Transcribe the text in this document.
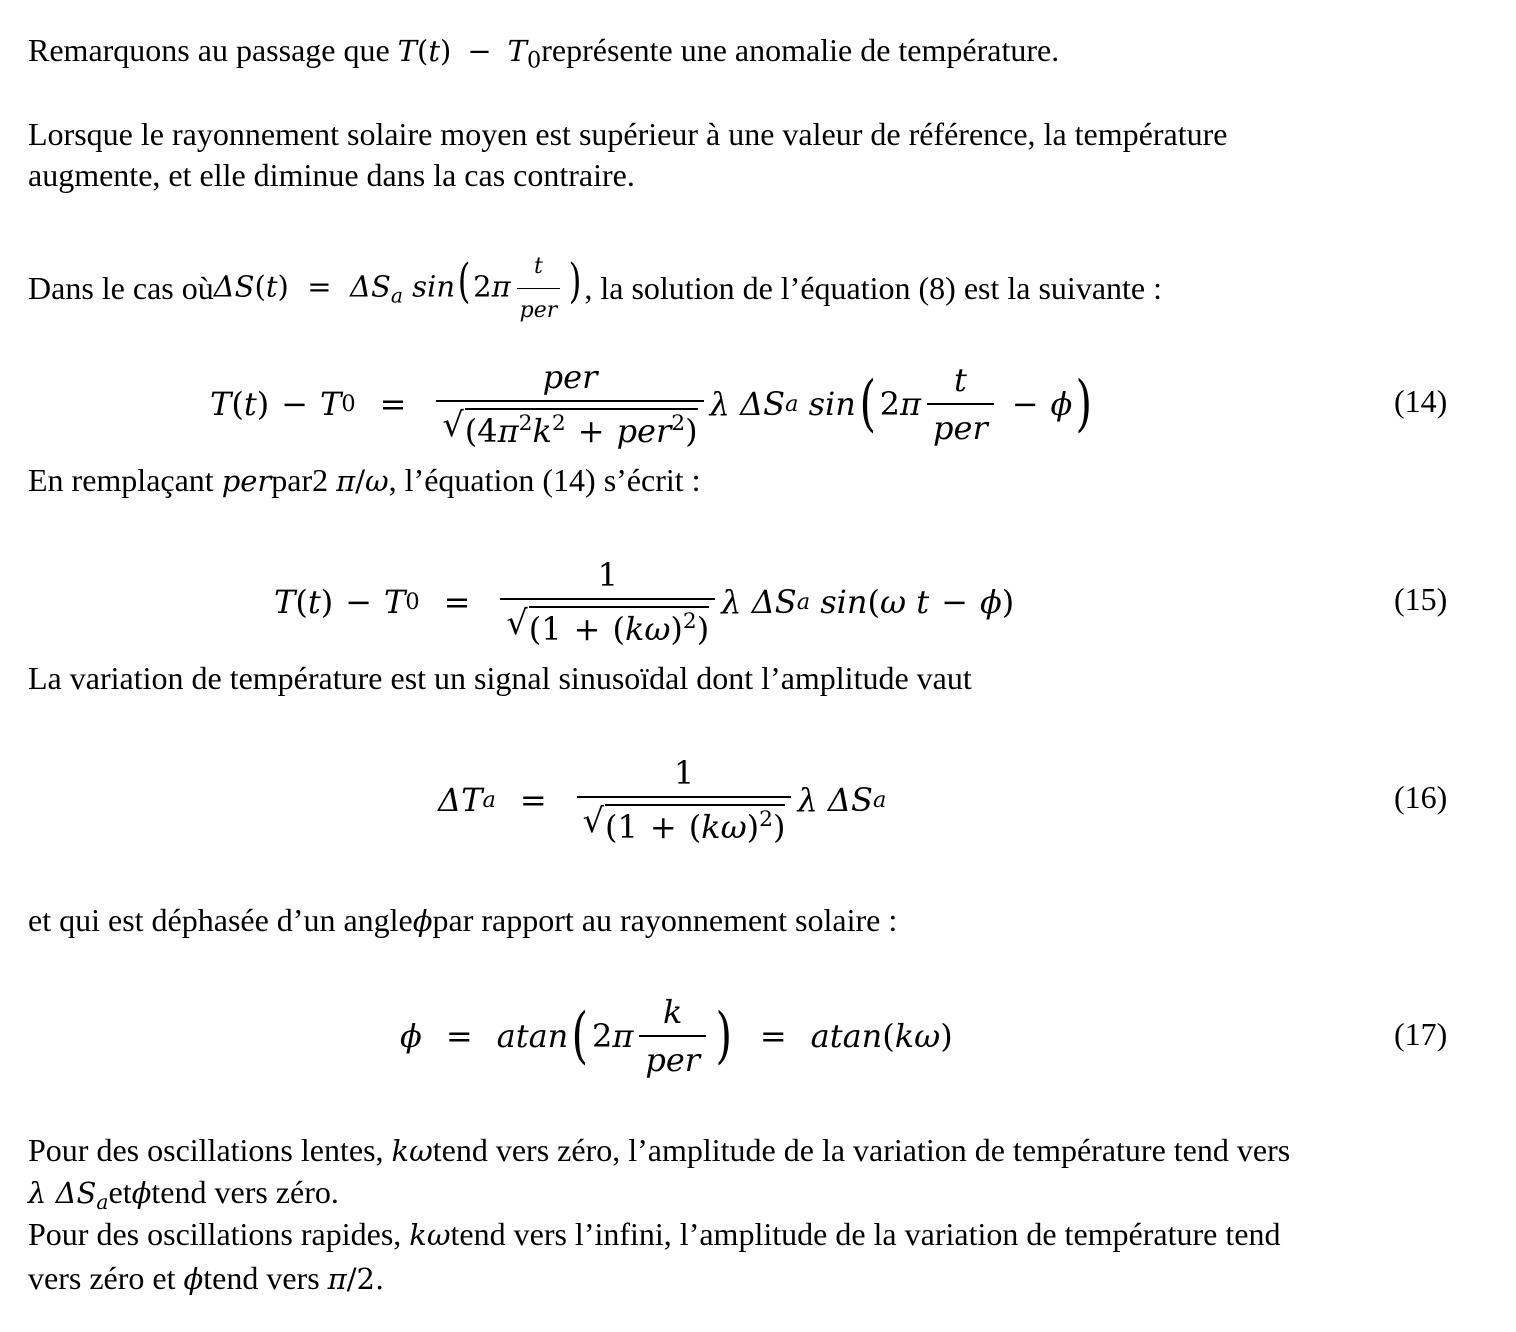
Remarquons au passage que $T(t) - T_0représente$ une anomalie de température.
Lorsque le rayonnement solaire moyen est supérieur à une valeur de référence, la température
augmente, et elle diminue dans la cas contraire.
Dans le cas où $\Delta S(t) = \Delta S_a$ $\sin(2\pi \frac{t}{\text{per}}$ ) , la solution de l’équation (8) est la suivante :
T ( t ) − T $0 = \frac{\text{per}}{√ (4\pi^2k^2 + per^2)}$ λ ΔS a sin ( 2 π $\frac{t}{\text{per}} - \phi$ )	(14)
En remplaçant perpar2 π/ω, l’équation (14) s’écrit :
T ( t ) − T $0 = \frac{1}{√ (1 + (k\omega)^2)}$ λ ΔS a sin ( ω t − ϕ )	(15)
La variation de température est un signal sinusoïdal dont l’amplitude vaut
ΔT $a = \frac{1}{√ (1 + (k\omega)^2)}$ λ ΔS a	(16)
et qui est déphasée d’un angleϕpar rapport au rayonnement solaire :
ϕ = atan ( 2 π $\frac{k}{\text{per}}$ ) = atan ( kω )	(17)
Pour des oscillations lentes, kωtend vers zéro, l’amplitude de la variation de température tend vers
λ $\Delta S_aet\phi tend$ vers zéro.
Pour des oscillations rapides, kωtend vers l’infini, l’amplitude de la variation de température tend
vers zéro et ϕtend vers π/2.
